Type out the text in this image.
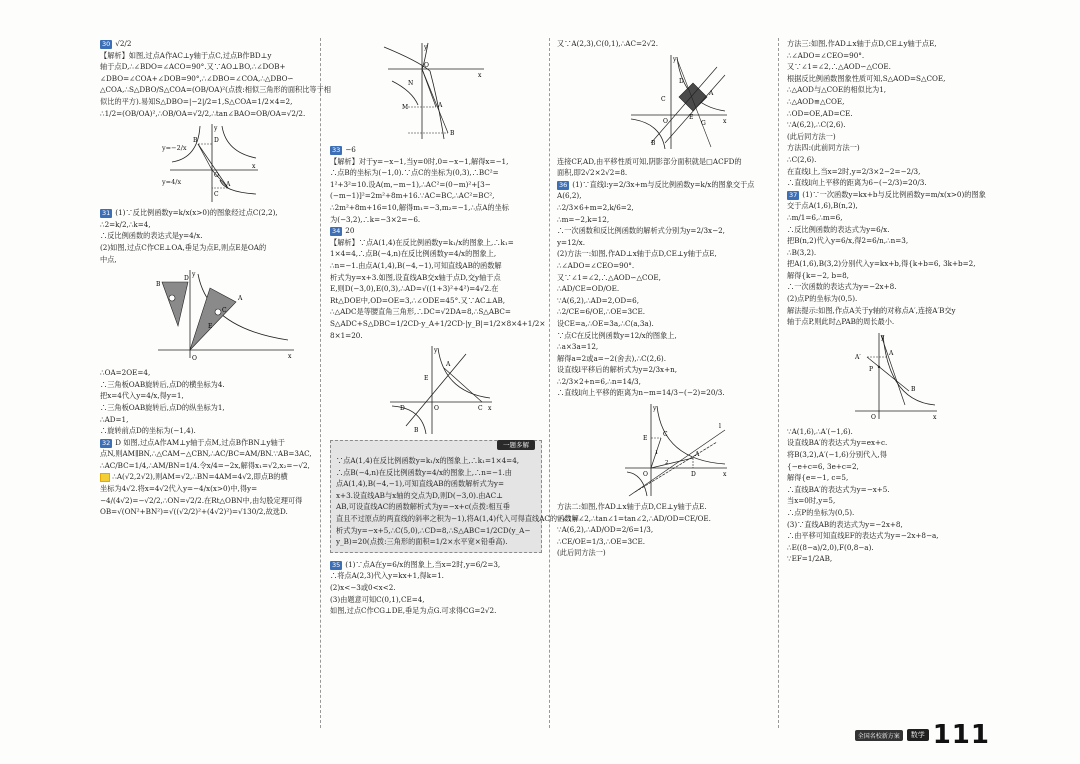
30 √2/2
【解析】如图,过点A作AC⊥y轴于点C,过点B作BD⊥y
轴于点D,∴∠BDO=∠ACO=90°.又∵AO⊥BO,∴∠DOB+
∠DBO=∠COA+∠DOB=90°,∴∠DBO=∠COA,∴△DBO∽
△COA,∴S△DBO/S△COA=(OB/OA)²(点拨:相似三角形的面积比等于相
似比的平方).易知S△DBO=|−2|/2=1,S△COA=1/2×4=2,
∴1/2=(OB/OA)²,∴OB/OA=√2/2,∴tan∠BAO=OB/OA=√2/2.
y=−2/x
y=4/x	A
B
C
D
O
x
y
31 (1)∵反比例函数y=k/x(x>0)的图象经过点C(2,2),
∴2=k/2,∴k=4,
∴反比例函数的表达式是y=4/x.
(2)如图,过点C作CE⊥OA,垂足为点E,则点E是OA的
中点,
B
D
A
C
O
E
x
y
∴OA=2OE=4,
∴三角板OAB旋转后,点D的横坐标为4.
把x=4代入y=4/x,得y=1,
∴三角板OAB旋转后,点D的纵坐标为1,
∴AD=1,
∴旋转前点D的坐标为(−1,4).
32 D 如图,过点A作AM⊥y轴于点M,过点B作BN⊥y轴于
点N,则AM∥BN,∴△CAM∽△CBN,∴AC/BC=AM/BN.∵AB=3AC,
∴AC/BC=1/4,∴AM/BN=1/4.令x/4=−2x,解得x₁=√2,x₂=−√2,
∴A(√2,2√2),则AM=√2,∴BN=4AM=4√2,即点B的横
坐标为4√2.将x=4√2代入y=−4/x(x>0)中,得y=
−4/(4√2)=−√2/2,∴ON=√2/2.在Rt△OBN中,由勾股定理可得
OB=√(ON²+BN²)=√((√2/2)²+(4√2)²)=√130/2,故选D.
y
O
N
x
M	A
B
33 −6
【解析】对于y=−x−1,当y=0时,0=−x−1,解得x=−1,
∴点B的坐标为(−1,0).∵点C的坐标为(0,3),∴BC²=
1²+3²=10.设A(m,−m−1),∴AC²=(0−m)²+[3−
(−m−1)]²=2m²+8m+16.∵AC=BC,∴AC²=BC²,
∴2m²+8m+16=10,解得m₁=−3,m₂=−1,∴点A的坐标
为(−3,2),∴k=−3×2=−6.
34 20
【解析】∵点A(1,4)在反比例函数y=k₁/x的图象上,∴k₁=
1×4=4,∴点B(−4,n)在反比例函数y=4/x的图象上,
∴n=−1.由点A(1,4),B(−4,−1),可知直线AB的函数解
析式为y=x+3.如图,设直线AB交x轴于点D,交y轴于点
E,则D(−3,0),E(0,3),∴AD=√((1+3)²+4²)=4√2.在
Rt△DOE中,OD=OE=3,∴∠ODE=45°.又∵AC⊥AB,
∴△ADC是等腰直角三角形,∴DC=√2DA=8,∴S△ABC=
S△ADC+S△DBC=1/2CD·y_A+1/2CD·|y_B|=1/2×8×4+1/2×
8×1=20.
y
A
E
C
D	O	x
B
一题多解
∵点A(1,4)在反比例函数y=k₁/x的图象上,∴k₁=1×4=4,
∴点B(−4,n)在反比例函数y=4/x的图象上,∴n=−1.由
点A(1,4),B(−4,−1),可知直线AB的函数解析式为y=
x+3.设直线AB与x轴的交点为D,则D(−3,0).由AC⊥
AB,可设直线AC的函数解析式为y=−x+c(点拨:相互垂
直且不过原点的两直线的斜率之积为−1),将A(1,4)代入可得直线AC的函数解
析式为y=−x+5,∴C(5,0),∴CD=8,∴S△ABC=1/2CD(y_A−
y_B)=20(点拨:三角形的面积=1/2×水平宽×铅垂高).
35 (1)∵点A在y=6/x的图象上,当x=2时,y=6/2=3,
∴将点A(2,3)代入y=kx+1,得k=1.
(2)x<−3或0<x<2.
(3)由题意可知C(0,1),CE=4,
如图,过点C作CG⊥DE,垂足为点G.可求得CG=2√2.
又∵A(2,3),C(0,1),∴AC=2√2.
y
D
A
C
E
O	x
G
B
连接CF,AD,由平移性质可知,阴影部分面积就是□ACFD的
面积,即2√2×2√2=8.
36 (1)∵直线l:y=2/3x+m与反比例函数y=k/x的图象交于点
A(6,2),
∴2/3×6+m=2,k/6=2,
∴m=−2,k=12,
∴一次函数和反比例函数的解析式分别为y=2/3x−2,
y=12/x.
(2)方法一:如图,作AD⊥x轴于点D,CE⊥y轴于点E,
∴∠ADO=∠CEO=90°.
又∵∠1=∠2,∴△AOD∽△COE,
∴AD/CE=OD/OE.
∵A(6,2),∴AD=2,OD=6,
∴2/CE=6/OE,∴OE=3CE.
设CE=a,∴OE=3a,∴C(a,3a).
∵点C在反比例函数y=12/x的图象上,
∴a×3a=12,
解得a=2或a=−2(舍去),∴C(2,6).
设直线l平移后的解析式为y=2/3x+n,
∴2/3×2+n=6,∴n=14/3,
∴直线l向上平移的距离为n−m=14/3−(−2)=20/3.
y
E
C
l
O	D	x
A
1
2
方法二:如图,作AD⊥x轴于点D,CE⊥y轴于点E.
∵∠1=∠2,∴tan∠1=tan∠2,∴AD/OD=CE/OE.
∵A(6,2),∴AD/OD=2/6=1/3,
∴CE/OE=1/3,∴OE=3CE.
(此后同方法一)
方法三:如图,作AD⊥x轴于点D,CE⊥y轴于点E,
∴∠ADO=∠CEO=90°.
又∵∠1=∠2,∴△AOD∽△COE.
根据反比例函数图象性质可知,S△AOD=S△COE,
∴△AOD与△COE的相似比为1,
∴△AOD≌△COE,
∴OD=OE,AD=CE.
∵A(6,2),∴C(2,6).
(此后同方法一)
方法四:(此前同方法一)
∴C(2,6).
在直线l上,当x=2时,y=2/3×2−2=−2/3,
∴直线l向上平移的距离为6−(−2/3)=20/3.
37 (1)∵一次函数y=kx+b与反比例函数y=m/x(x>0)的图象
交于点A(1,6),B(n,2),
∴m/1=6,∴m=6,
∴反比例函数的表达式为y=6/x.
把B(n,2)代入y=6/x,得2=6/n,∴n=3,
∴B(3,2).
把A(1,6),B(3,2)分别代入y=kx+b,得{k+b=6, 3k+b=2,
解得{k=−2, b=8,
∴一次函数的表达式为y=−2x+8.
(2)点P的坐标为(0,5).
解法提示:如图,作点A关于y轴的对称点A′,连接A′B交y
轴于点P,则此时△PAB的周长最小.
y
A′
A
P
B
O	x
∵A(1,6),∴A′(−1,6).
设直线BA′的表达式为y=ex+c.
将B(3,2),A′(−1,6)分别代入,得
{−e+c=6, 3e+c=2,
解得{e=−1, c=5,
∴直线BA′的表达式为y=−x+5.
当x=0时,y=5,
∴点P的坐标为(0,5).
(3)∵直线AB的表达式为y=−2x+8,
∴由平移可知直线EF的表达式为y=−2x+8−a,
∴E((8−a)/2,0),F(0,8−a).
∵EF=1/2AB,
全国名校新方案	数学 111
